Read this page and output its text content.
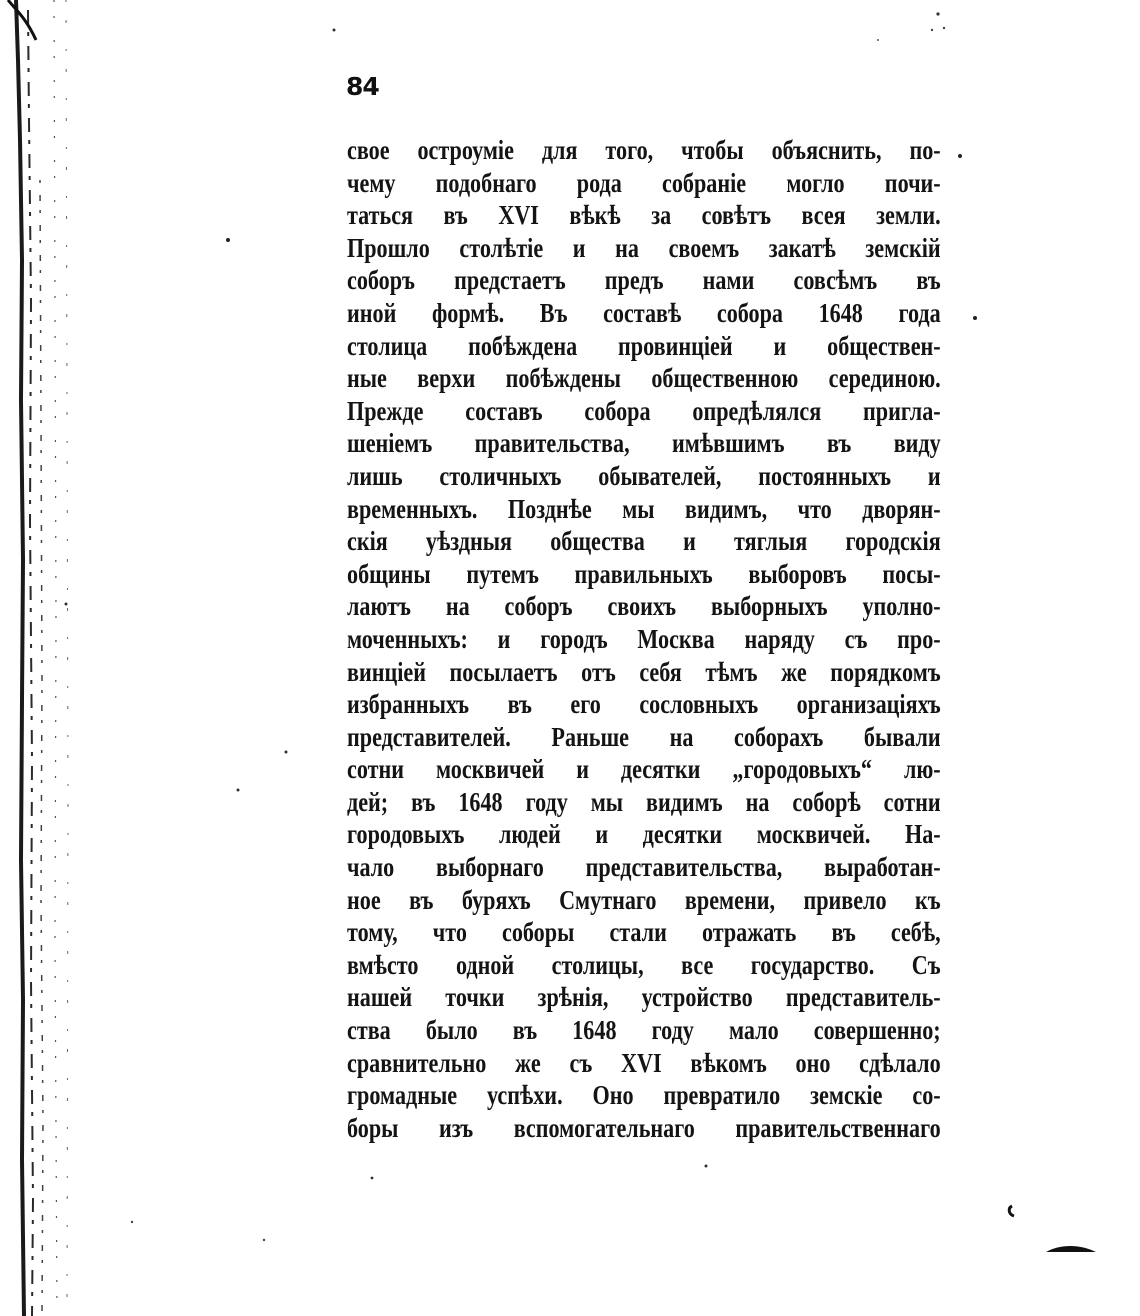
84
свое остроуміе для того, чтобы объяснить, по-
чему подобнаго рода собраніе могло почи-
таться въ XVI вѣкѣ за совѣтъ всея земли.
Прошло столѣтіе и на своемъ закатѣ земскій
соборъ предстаетъ предъ нами совсѣмъ въ
иной формѣ. Въ составѣ собора 1648 года
столица побѣждена провинціей и обществен-
ные верхи побѣждены общественною серединою.
Прежде составъ собора опредѣлялся пригла-
шеніемъ правительства, имѣвшимъ въ виду
лишь столичныхъ обывателей, постоянныхъ и
временныхъ. Позднѣе мы видимъ, что дворян-
скія уѣздныя общества и тяглыя городскія
общины путемъ правильныхъ выборовъ посы-
лаютъ на соборъ своихъ выборныхъ уполно-
моченныхъ: и городъ Москва наряду съ про-
винціей посылаетъ отъ себя тѣмъ же порядкомъ
избранныхъ въ его сословныхъ организаціяхъ
представителей. Раньше на соборахъ бывали
сотни москвичей и десятки „городовыхъ“ лю-
дей; въ 1648 году мы видимъ на соборѣ сотни
городовыхъ людей и десятки москвичей. На-
чало выборнаго представительства, выработан-
ное въ буряхъ Смутнаго времени, привело къ
тому, что соборы стали отражать въ себѣ,
вмѣсто одной столицы, все государство. Съ
нашей точки зрѣнія, устройство представитель-
ства было въ 1648 году мало совершенно;
сравнительно же съ XVI вѣкомъ оно сдѣлало
громадные успѣхи. Оно превратило земскіе со-
боры изъ вспомогательнаго правительственнаго
